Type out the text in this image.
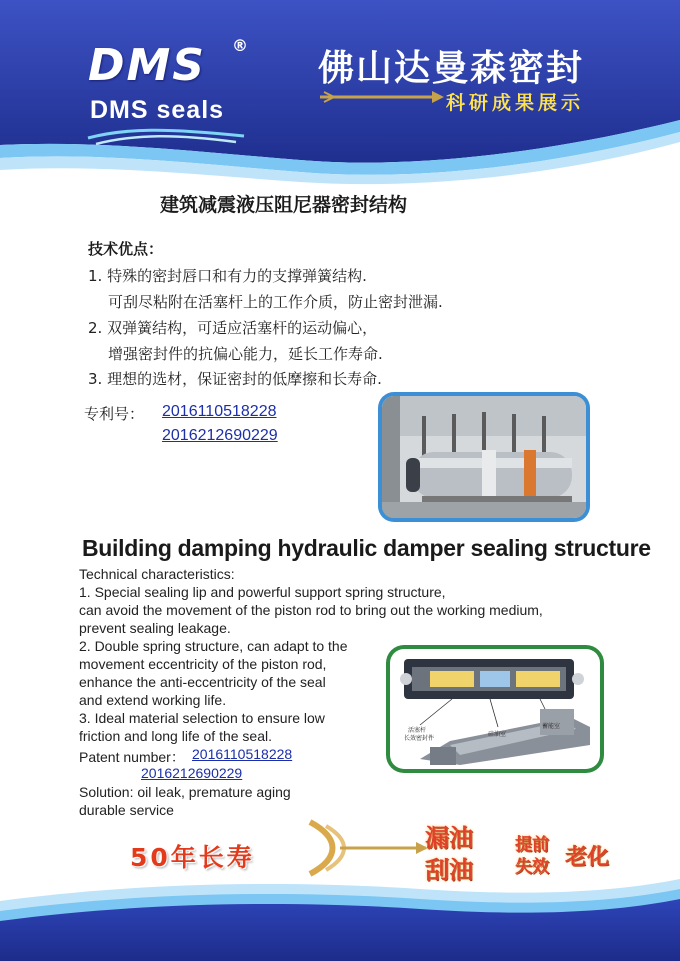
DMS ®
DMS seals
佛山达曼森密封
科研成果展示
建筑减震液压阻尼器密封结构
技术优点：
1. 特殊的密封唇口和有力的支撑弹簧结构.
可刮尽粘附在活塞杆上的工作介质，防止密封泄漏.
2. 双弹簧结构，可适应活塞杆的运动偏心，
增强密封件的抗偏心能力，延长工作寿命.
3. 理想的选材，保证密封的低摩擦和长寿命.
专利号： 2016110518228
2016212690229
Building damping hydraulic damper sealing structure
Technical characteristics:
1. Special sealing lip and powerful support spring structure,
can avoid the movement of the piston rod to bring out the working medium,
prevent sealing leakage.
2. Double spring structure, can adapt to the
movement eccentricity of the piston rod,
enhance the anti-eccentricity of the seal
and extend working life.
3. Ideal material selection to ensure low
friction and long life of the seal.
Patent number： 2016110518228
2016212690229
Solution: oil leak, premature aging
durable service
活塞杆
长效密封件
硅油室
蓄能室
50年长寿
漏油
刮油
提前
失效 老化
